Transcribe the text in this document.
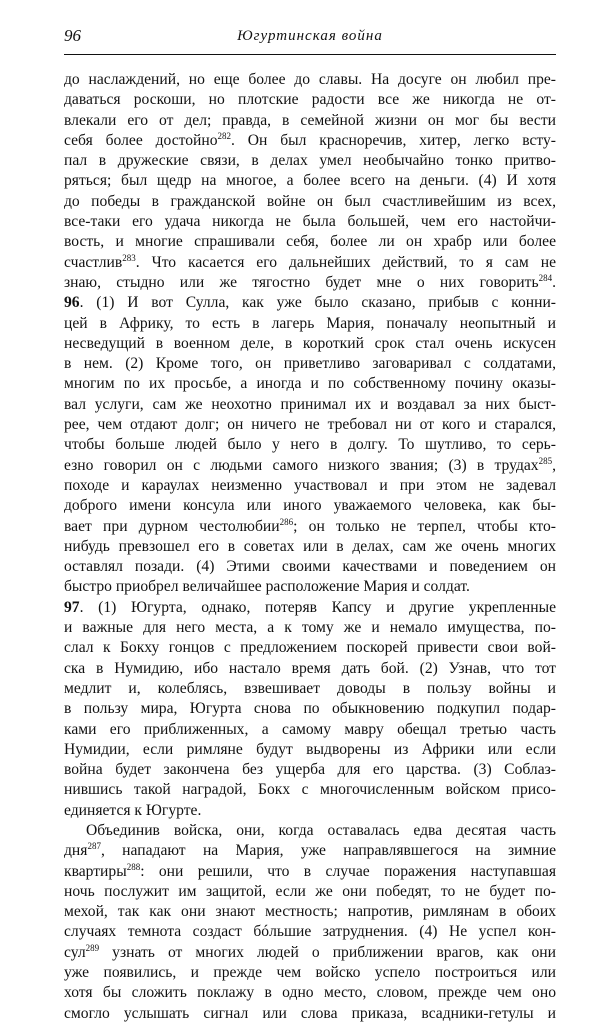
96	Югуртинская война
до наслаждений, но еще более до славы. На досуге он любил пре-
даваться роскоши, но плотские радости все же никогда не от-
влекали его от дел; правда, в семейной жизни он мог бы вести
себя более достойно$^{282}$. Он был красноречив, хитер, легко всту-
пал в дружеские связи, в делах умел необычайно тонко притво-
ряться; был щедр на многое, а более всего на деньги. (4) И хотя
до победы в гражданской войне он был счастливейшим из всех,
все-таки его удача никогда не была большей, чем его настойчи-
вость, и многие спрашивали себя, более ли он храбр или более
счастлив$^{283}$. Что касается его дальнейших действий, то я сам не
знаю, стыдно или же тягостно будет мне о них говорить$^{284}$.
96. (1) И вот Сулла, как уже было сказано, прибыв с конни-
цей в Африку, то есть в лагерь Мария, поначалу неопытный и
несведущий в военном деле, в короткий срок стал очень искусен
в нем. (2) Кроме того, он приветливо заговаривал с солдатами,
многим по их просьбе, а иногда и по собственному почину оказы-
вал услуги, сам же неохотно принимал их и воздавал за них быст-
рее, чем отдают долг; он ничего не требовал ни от кого и старался,
чтобы больше людей было у него в долгу. То шутливо, то серь-
езно говорил он с людьми самого низкого звания; (3) в трудах$^{285}$,
походе и караулах неизменно участвовал и при этом не задевал
доброго имени консула или иного уважаемого человека, как бы-
вает при дурном честолюбии$^{286}$; он только не терпел, чтобы кто-
нибудь превзошел его в советах или в делах, сам же очень многих
оставлял позади. (4) Этими своими качествами и поведением он
быстро приобрел величайшее расположение Мария и солдат.
97. (1) Югурта, однако, потеряв Капсу и другие укрепленные
и важные для него места, а к тому же и немало имущества, по-
слал к Бокху гонцов с предложением поскорей привести свои вой-
ска в Нумидию, ибо настало время дать бой. (2) Узнав, что тот
медлит и, колеблясь, взвешивает доводы в пользу войны и
в пользу мира, Югурта снова по обыкновению подкупил подар-
ками его приближенных, а самому мавру обещал третью часть
Нумидии, если римляне будут выдворены из Африки или если
война будет закончена без ущерба для его царства. (3) Соблаз-
нившись такой наградой, Бокх с многочисленным войском присо-
единяется к Югурте.
Объединив войска, они, когда оставалась едва десятая часть
дня$^{287}$, нападают на Мария, уже направлявшегося на зимние
квартиры$^{288}$: они решили, что в случае поражения наступавшая
ночь послужит им защитой, если же они победят, то не будет по-
мехой, так как они знают местность; напротив, римлянам в обоих
случаях темнота создаст бóльшие затруднения. (4) Не успел кон-
сул$^{289}$ узнать от многих людей о приближении врагов, как они
уже появились, и прежде чем войско успело построиться или
хотя бы сложить поклажу в одно место, словом, прежде чем оно
смогло услышать сигнал или слова приказа, всадники-гетулы и
